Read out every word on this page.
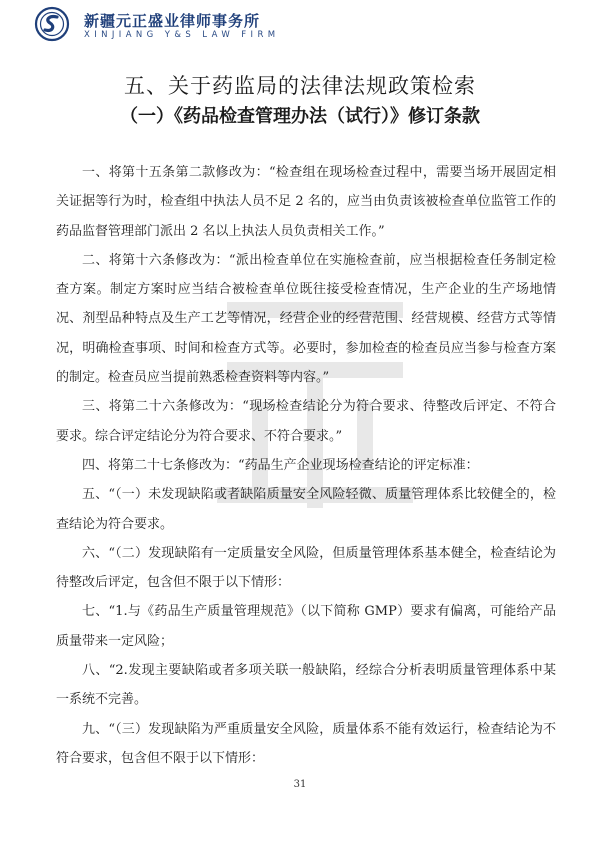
新疆元正盛业律师事务所
XINJIANG Y&S LAW FIRM
五、关于药监局的法律法规政策检索
（一）《药品检查管理办法（试行）》修订条款

一、将第十五条第二款修改为：“检查组在现场检查过程中，需要当场开展固定相关证据等行为时，检查组中执法人员不足 2 名的，应当由负责该被检查单位监管工作的药品监督管理部门派出 2 名以上执法人员负责相关工作。”

二、将第十六条修改为：“派出检查单位在实施检查前，应当根据检查任务制定检查方案。制定方案时应当结合被检查单位既往接受检查情况，生产企业的生产场地情况、剂型品种特点及生产工艺等情况，经营企业的经营范围、经营规模、经营方式等情况，明确检查事项、时间和检查方式等。必要时，参加检查的检查员应当参与检查方案的制定。检查员应当提前熟悉检查资料等内容。”

三、将第二十六条修改为：“现场检查结论分为符合要求、待整改后评定、不符合要求。综合评定结论分为符合要求、不符合要求。”

四、将第二十七条修改为：“药品生产企业现场检查结论的评定标准：

五、“（一）未发现缺陷或者缺陷质量安全风险轻微、质量管理体系比较健全的，检查结论为符合要求。

六、“（二）发现缺陷有一定质量安全风险，但质量管理体系基本健全，检查结论为待整改后评定，包含但不限于以下情形：

七、“1.与《药品生产质量管理规范》（以下简称 GMP）要求有偏离，可能给产品质量带来一定风险；

八、“2.发现主要缺陷或者多项关联一般缺陷，经综合分析表明质量管理体系中某一系统不完善。

九、“（三）发现缺陷为严重质量安全风险，质量体系不能有效运行，检查结论为不符合要求，包含但不限于以下情形：

31
